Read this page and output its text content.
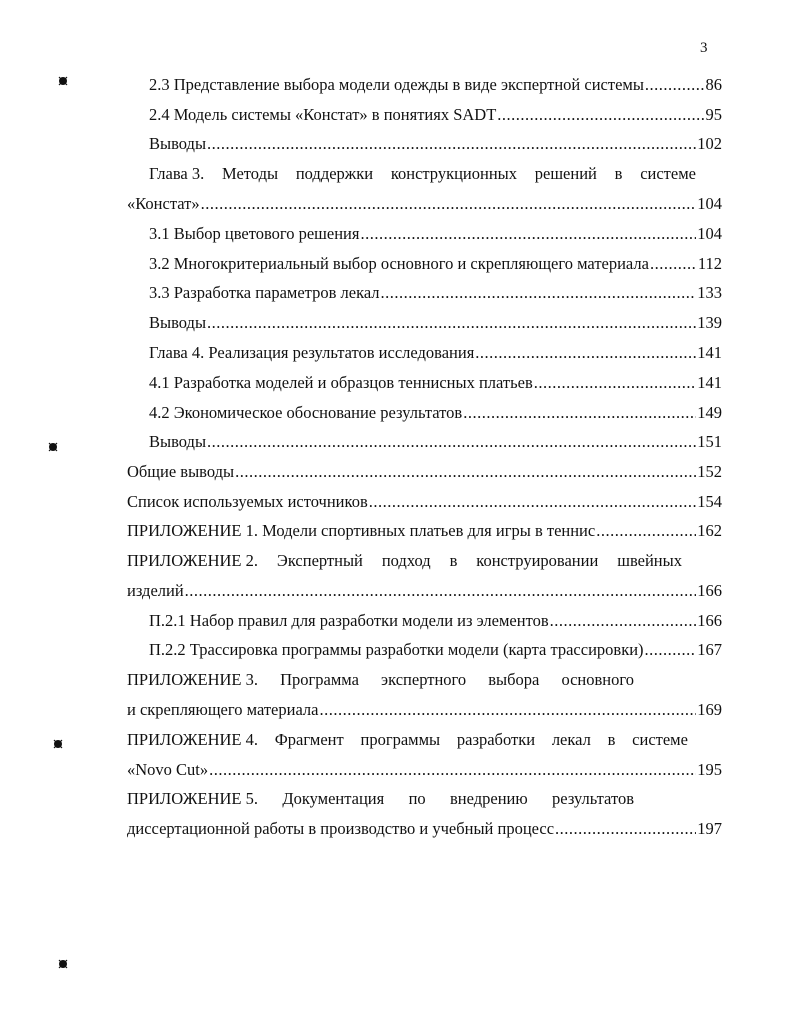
3
2.3 Представление выбора модели одежды в виде экспертной системы .....	86
2.4 Модель системы «Констат» в понятиях SADT .....	95
Выводы .....	102
Глава 3. Методы поддержки конструкционных решений в системе
«Констат» .....	104
3.1 Выбор цветового решения .....	104
3.2 Многокритериальный выбор основного и скрепляющего материала .....	112
3.3 Разработка параметров лекал .....	133
Выводы .....	139
Глава 4. Реализация результатов исследования .....	141
4.1 Разработка моделей и образцов теннисных платьев .....	141
4.2 Экономическое обоснование результатов .....	149
Выводы .....	151
Общие выводы .....	152
Список используемых источников .....	154
ПРИЛОЖЕНИЕ 1. Модели спортивных платьев для игры в теннис .....	162
ПРИЛОЖЕНИЕ 2. Экспертный подход в конструировании швейных
изделий .....	166
П.2.1 Набор правил для разработки модели из элементов .....	166
П.2.2 Трассировка программы разработки модели (карта трассировки) .....	167
ПРИЛОЖЕНИЕ 3. Программа экспертного выбора основного
и скрепляющего материала .....	169
ПРИЛОЖЕНИЕ 4. Фрагмент программы разработки лекал в системе
«Novo Cut» .....	195
ПРИЛОЖЕНИЕ 5. Документация по внедрению результатов
диссертационной работы в производство и учебный процесс .....	197
